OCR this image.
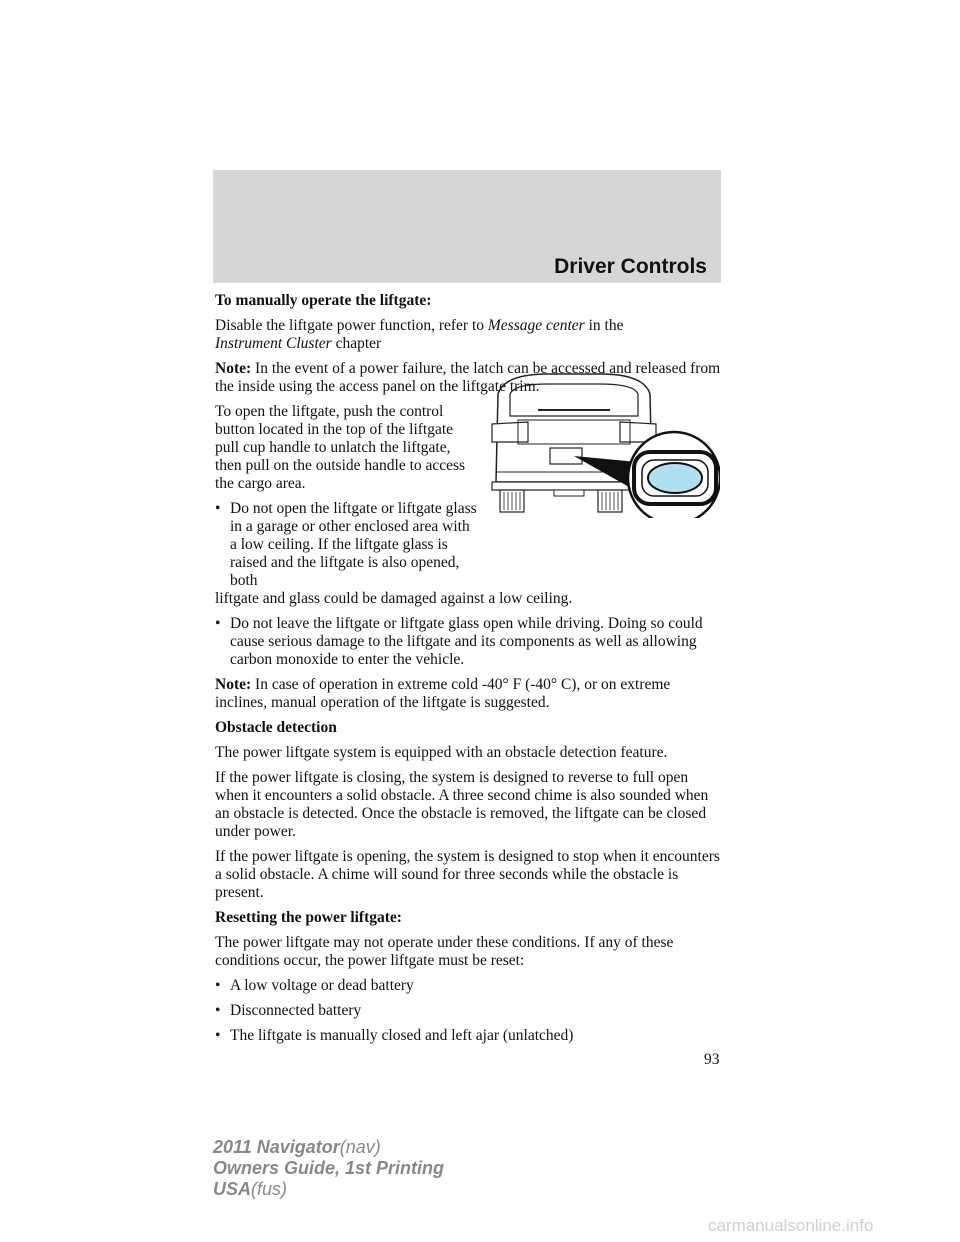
Driver Controls

To manually operate the liftgate:

Disable the liftgate power function, refer to Message center in the
Instrument Cluster chapter

Note: In the event of a power failure, the latch can be accessed and released from the inside using the access panel on the liftgate trim.

To open the liftgate, push the control button located in the top of the liftgate pull cup handle to unlatch the liftgate, then pull on the outside handle to access the cargo area.

• Do not open the liftgate or liftgate glass in a garage or other enclosed area with a low ceiling. If the liftgate glass is raised and the liftgate is also opened, both
liftgate and glass could be damaged against a low ceiling.
• Do not leave the liftgate or liftgate glass open while driving. Doing so could cause serious damage to the liftgate and its components as well as allowing carbon monoxide to enter the vehicle.

Note: In case of operation in extreme cold -40° F (-40° C), or on extreme inclines, manual operation of the liftgate is suggested.

Obstacle detection

The power liftgate system is equipped with an obstacle detection feature.

If the power liftgate is closing, the system is designed to reverse to full open when it encounters a solid obstacle. A three second chime is also sounded when an obstacle is detected. Once the obstacle is removed, the liftgate can be closed under power.

If the power liftgate is opening, the system is designed to stop when it encounters a solid obstacle. A chime will sound for three seconds while the obstacle is present.

Resetting the power liftgate:

The power liftgate may not operate under these conditions. If any of these conditions occur, the power liftgate must be reset:

• A low voltage or dead battery
• Disconnected battery
• The liftgate is manually closed and left ajar (unlatched)
93
2011 Navigator(nav)
Owners Guide, 1st Printing
USA(fus)
carmanualsonline.info
